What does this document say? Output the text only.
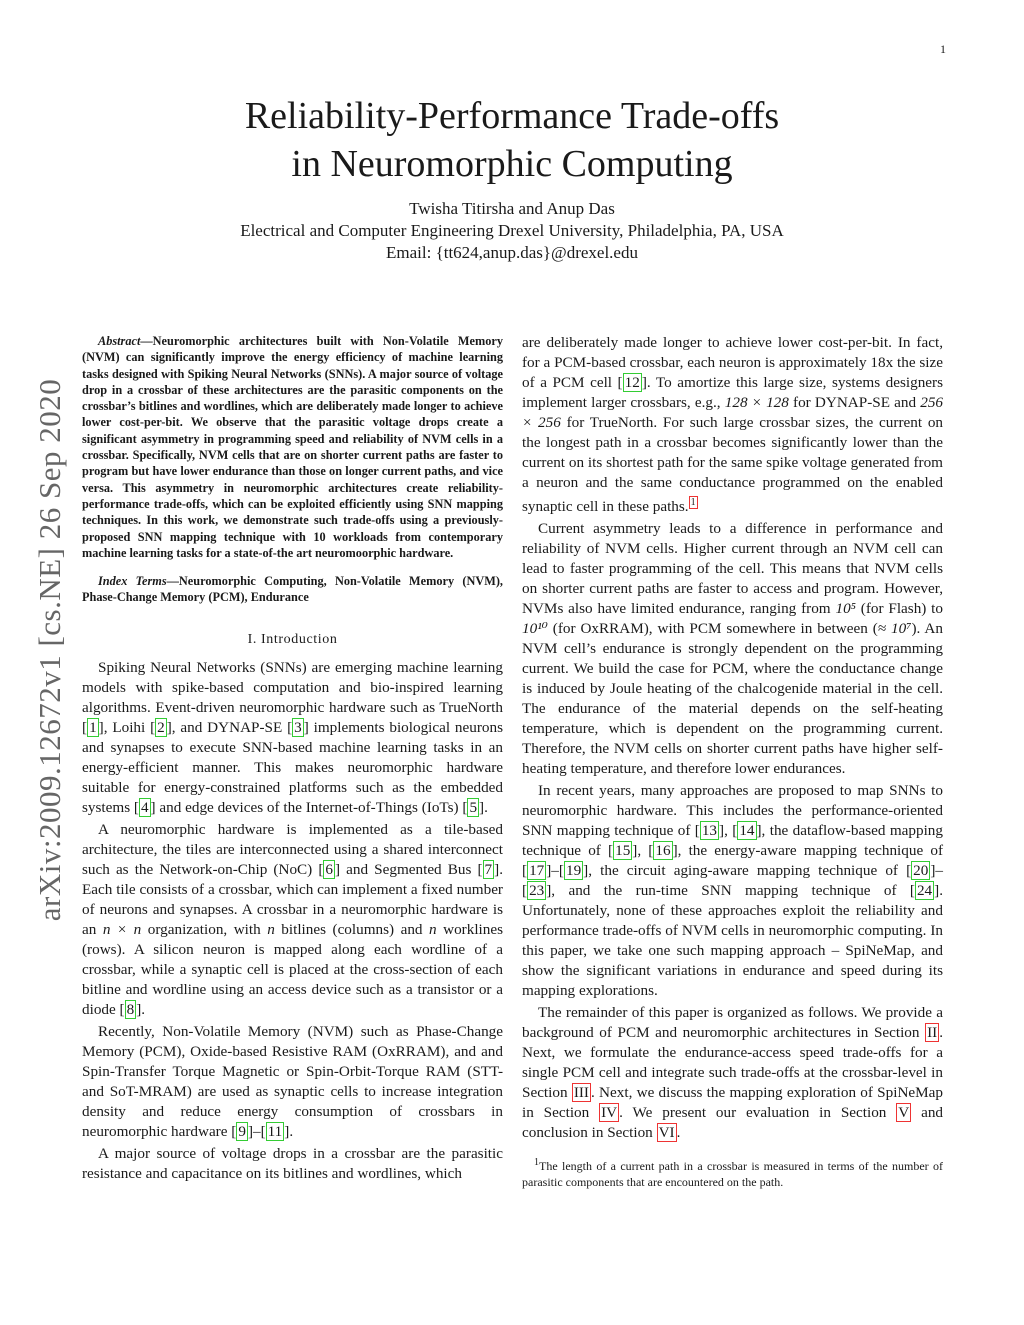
1
Reliability-Performance Trade-offs
in Neuromorphic Computing
Twisha Titirsha and Anup Das
Electrical and Computer Engineering Drexel University, Philadelphia, PA, USA
Email: {tt624,anup.das}@drexel.edu
arXiv:2009.12672v1 [cs.NE] 26 Sep 2020

Abstract—Neuromorphic architectures built with Non-Volatile Memory (NVM) can significantly improve the energy efficiency of machine learning tasks designed with Spiking Neural Networks (SNNs). A major source of voltage drop in a crossbar of these architectures are the parasitic components on the crossbar’s bitlines and wordlines, which are deliberately made longer to achieve lower cost-per-bit. We observe that the parasitic voltage drops create a significant asymmetry in programming speed and reliability of NVM cells in a crossbar. Specifically, NVM cells that are on shorter current paths are faster to program but have lower endurance than those on longer current paths, and vice versa. This asymmetry in neuromorphic architectures create reliability-performance trade-offs, which can be exploited efficiently using SNN mapping techniques. In this work, we demonstrate such trade-offs using a previously-proposed SNN mapping technique with 10 workloads from contemporary machine learning tasks for a state-of-the art neuromoorphic hardware.

Index Terms—Neuromorphic Computing, Non-Volatile Memory (NVM), Phase-Change Memory (PCM), Endurance

I. Introduction

Spiking Neural Networks (SNNs) are emerging machine learning models with spike-based computation and bio-inspired learning algorithms. Event-driven neuromorphic hardware such as TrueNorth [ 1 ], Loihi [ 2 ], and DYNAP-SE [ 3 ] implements biological neurons and synapses to execute SNN-based machine learning tasks in an energy-efficient manner. This makes neuromorphic hardware suitable for energy-constrained platforms such as the embedded systems [ 4 ] and edge devices of the Internet-of-Things (IoTs) [ 5 ].

A neuromorphic hardware is implemented as a tile-based architecture, the tiles are interconnected using a shared interconnect such as the Network-on-Chip (NoC) [ 6 ] and Segmented Bus [ 7 ]. Each tile consists of a crossbar, which can implement a fixed number of neurons and synapses. A crossbar in a neuromorphic hardware is an n × n organization, with n bitlines (columns) and n worklines (rows). A silicon neuron is mapped along each wordline of a crossbar, while a synaptic cell is placed at the cross-section of each bitline and wordline using an access device such as a transistor or a diode [ 8 ].

Recently, Non-Volatile Memory (NVM) such as Phase-Change Memory (PCM), Oxide-based Resistive RAM (OxRRAM), and and Spin-Transfer Torque Magnetic or Spin-Orbit-Torque RAM (STT- and SoT-MRAM) are used as synaptic cells to increase integration density and reduce energy consumption of crossbars in neuromorphic hardware [ 9 ]–[ 11 ].

A major source of voltage drops in a crossbar are the parasitic resistance and capacitance on its bitlines and wordlines, which

are deliberately made longer to achieve lower cost-per-bit. In fact, for a PCM-based crossbar, each neuron is approximately 18x the size of a PCM cell [ 12 ]. To amortize this large size, systems designers implement larger crossbars, e.g., 128 × 128 for DYNAP-SE and 256 × 256 for TrueNorth. For such large crossbar sizes, the current on the longest path in a crossbar becomes significantly lower than the current on its shortest path for the same spike voltage generated from a neuron and the same conductance programmed on the enabled synaptic cell in these paths. $^1$

Current asymmetry leads to a difference in performance and reliability of NVM cells. Higher current through an NVM cell can lead to faster programming of the cell. This means that NVM cells on shorter current paths are faster to access and program. However, NVMs also have limited endurance, ranging from 10⁵ (for Flash) to 10¹⁰ (for OxRRAM), with PCM somewhere in between (≈ 10⁷). An NVM cell’s endurance is strongly dependent on the programming current. We build the case for PCM, where the conductance change is induced by Joule heating of the chalcogenide material in the cell. The endurance of the material depends on the self-heating temperature, which is dependent on the programming current. Therefore, the NVM cells on shorter current paths have higher self-heating temperature, and therefore lower endurances.

In recent years, many approaches are proposed to map SNNs to neuromorphic hardware. This includes the performance-oriented SNN mapping technique of [ 13 ], [ 14 ], the dataflow-based mapping technique of [ 15 ], [ 16 ], the energy-aware mapping technique of [ 17 ]–[ 19 ], the circuit aging-aware mapping technique of [ 20 ]–[ 23 ], and the run-time SNN mapping technique of [ 24 ]. Unfortunately, none of these approaches exploit the reliability and performance trade-offs of NVM cells in neuromorphic computing. In this paper, we take one such mapping approach – SpiNeMap, and show the significant variations in endurance and speed during its mapping explorations.

The remainder of this paper is organized as follows. We provide a background of PCM and neuromorphic architectures in Section II . Next, we formulate the endurance-access speed trade-offs for a single PCM cell and integrate such trade-offs at the crossbar-level in Section III . Next, we discuss the mapping exploration of SpiNeMap in Section IV . We present our evaluation in Section V and conclusion in Section VI .

$^1$The length of a current path in a crossbar is measured in terms of the number of parasitic components that are encountered on the path.
